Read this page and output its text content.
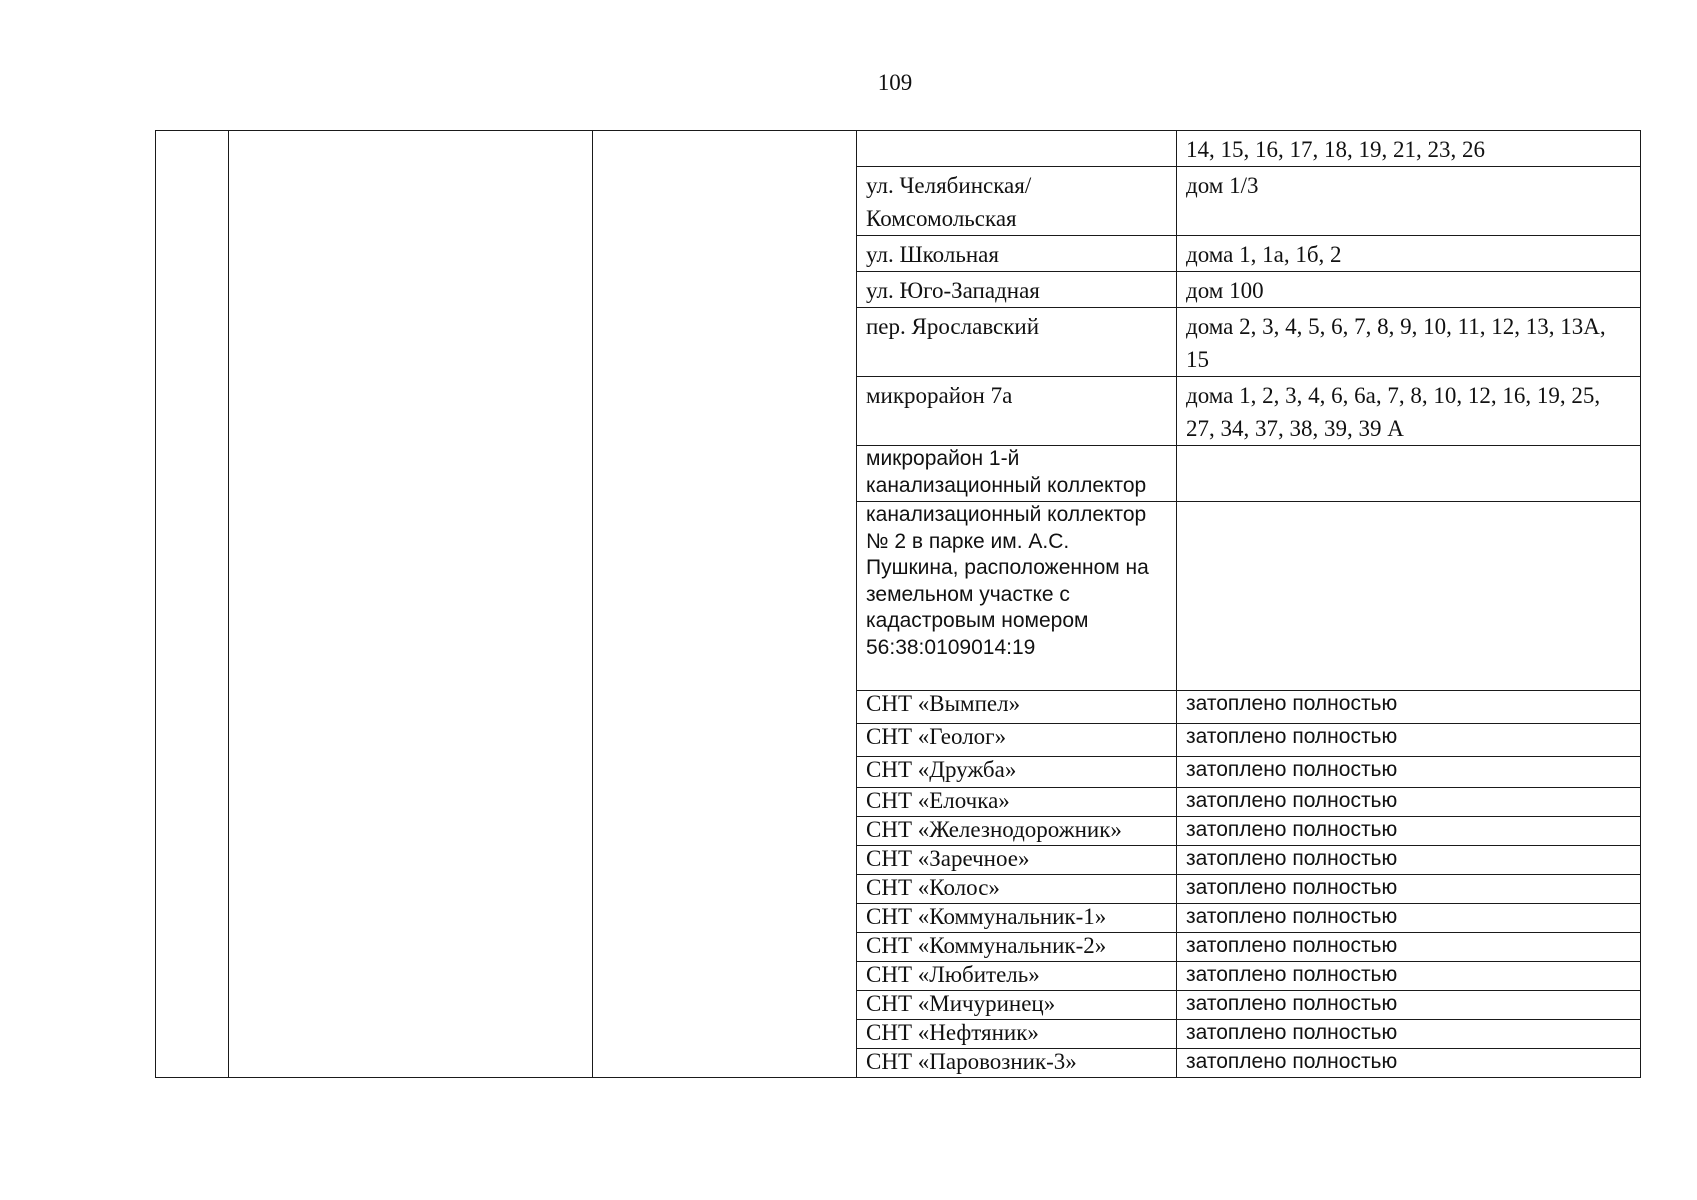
109
				14, 15, 16, 17, 18, 19, 21, 23, 26
			ул. Челябинская/ Комсомольская	дом 1/3
			ул. Школьная	дома 1, 1а, 1б, 2
			ул. Юго-Западная	дом 100
			пер. Ярославский	дома 2, 3, 4, 5, 6, 7, 8, 9, 10, 11, 12, 13, 13А, 15
			микрорайон 7а	дома 1, 2, 3, 4, 6, 6а, 7, 8, 10, 12, 16, 19, 25, 27, 34, 37, 38, 39, 39 А
			микрорайон 1-й канализационный коллектор	
			канализационный коллектор № 2 в парке им. А.С. Пушкина, расположенном на земельном участке с кадастровым номером 56:38:0109014:19	
			СНТ «Вымпел»	затоплено полностью
			СНТ «Геолог»	затоплено полностью
			СНТ «Дружба»	затоплено полностью
			СНТ «Елочка»	затоплено полностью
			СНТ «Железнодорожник»	затоплено полностью
			СНТ «Заречное»	затоплено полностью
			СНТ «Колос»	затоплено полностью
			СНТ «Коммунальник-1»	затоплено полностью
			СНТ «Коммунальник-2»	затоплено полностью
			СНТ «Любитель»	затоплено полностью
			СНТ «Мичуринец»	затоплено полностью
			СНТ «Нефтяник»	затоплено полностью
			СНТ «Паровозник-3»	затоплено полностью
